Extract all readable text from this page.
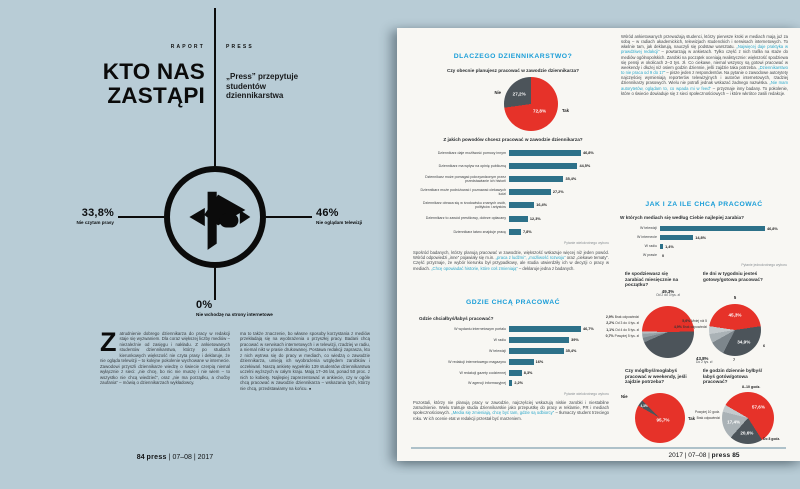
RAPORT	PRESS
KTO NAS
ZASTĄPI
„Press” przepytuje studentów dziennikarstwa
33,8%
Nie czytam prasy
46%
Nie oglądam telewizji
0%
Nie wchodzę na strony internetowe
Zatrudnienie dobrego dziennikarza do pracy w redakcji staje się wyzwaniem. Dla coraz większej liczby mediów – niezależnie od zasięgu i nakładu. Z ankietowanych studentów dziennikarstwa, którzy po studiach kierunkowych większość nie czyta prasy i deklaruje, że nie ogląda telewizji – to kolejne pokolenie wychowane w internecie. Zawodowi przyszli dziennikarze wiedzę o świecie czerpią niemal wyłącznie z sieci: „nie chcę, bo nic nie muszę i nie wiem – to wszystko nie chcą wiedzieć”, oraz „nie ma porządku, a choćby zaufania” – mówią o dziennikarzach wykładowcy.
ma to także znaczenie, bo własne sposoby korzystania z mediów przekładają się na wyobrażenia o przyszłej pracy. Badani chcą pracować w serwisach internetowych i w telewizji, rzadziej w radiu, a niemal nikt w prasie drukowanej. Postawa redakcji zaprasza, kto z nich wytrwa się do pracy w mediach, co wiedzą o zawodzie dziennikarza, umieją ich wyobrażenia względem zarobków i oczekiwań. Naszą ankietę wypełniło 139 studentów dziennikarstwa uczelni wyższych w całym kraju. Mają 17–26 lat, ponad 50 proc. z nich to kobiety. Najlepiej zaprezentować w ankiecie, czy w ogóle chcą pracować w zawodzie dziennikarza – wskazania tych, którzy nie chcą, przedstawiamy na końcu. ●
84 press | 07–08 | 2017
DLACZEGO DZIENNIKARSTWO?
Czy obecnie planujesz pracować w zawodzie dziennikarza?
72,8%
27,2%
Nie
Tak
Z jakich powodów chcesz pracować w zawodzie dziennikarza?
Dziennikarz daje możliwość pomocy innym	46,8%
Dziennikarz ma wpływ na opinię publiczną	44,5%
Dziennikarz może pomagać pokrzywdzonym przez przedstawianie ich historii	35,4%
Dziennikarz może podróżować i poznawać ciekawych ludzi	27,2%
Dziennikarz obraca się w środowisku znanych osób, polityków i artystów	16,4%
Dziennikarz to zawód prestiżowy, dobrze opłacany	12,3%
Dziennikarz łatwo znajduje pracę	7,8%
Pytanie wielokrotnego wyboru
Spośród badanych, którzy planują pracować w zawodzie, większość wskazuje więcej niż jeden powód. Wśród odpowiedzi „inne” pojawiały się m.in. „praca z ludźmi”, „możliwość rozwoju” oraz „ciekawe tematy”. Część przyznaje, że wybór kierunku był przypadkowy, ale studia utwierdziły ich w decyzji o pracy w mediach. „Chcę opowiadać historie, które coś zmieniają” – deklaruje jedna z badanych.
GDZIE CHCĄ PRACOWAĆ
Gdzie chciałbyś/łabyś pracować?
W wydaniu internetowym portalu	46,7%
W radiu	39%
W telewizji	35,4%
W redakcji internetowego magazynu	16%
W redakcji gazety codziennej	8,3%
W agencji informacyjnej	2,2%
Pytanie wielokrotnego wyboru
Pozostali, którzy nie planują pracy w zawodzie, najczęściej wskazują niskie zarobki i niestabilne zatrudnienie. Wielu traktuje studia dziennikarskie jako przepustkę do pracy w reklamie, PR i mediach społecznościowych. „Media się zmieniają, chcę być tam, gdzie są odbiorcy” – tłumaczy student trzeciego roku. W ich ocenie etat w redakcji przestał być marzeniem.
Wśród ankietowanych przeważają studenci, którzy pierwsze kroki w mediach mają już za sobą – w radiach akademickich, telewizjach studenckich i serwisach internetowych. To właśnie tam, jak deklarują, nauczyli się podstaw warsztatu. „Najwięcej daje praktyka w prawdziwej redakcji” – powtarzają w ankietach. Tylko część z nich trafiła na staże do mediów ogólnopolskich. Zarobki na początek oceniają realistycznie: większość spodziewa się pensji w okolicach 2–3 tys. zł. Co ciekawe, niemal wszyscy są gotowi pracować w weekendy i dłużej niż osiem godzin dziennie, jeśli zajdzie taka potrzeba. „Dziennikarstwo to nie praca od 9 do 17” – pisze jeden z respondentów. Na pytanie o zawodowe autorytety najczęściej wymieniają reporterów telewizyjnych i autorów internetowych, rzadziej dziennikarzy prasowych. Wielu nie potrafi jednak wskazać żadnego nazwiska. „Nie mam autorytetów, oglądam to, co wpada mi w feed” – przyznaje inny badany. To pokolenie, które o świecie dowiaduje się z sieci społecznościowych – i które wkrótce zasili redakcje.
JAK I ZA ILE CHCĄ PRACOWAĆ
W których mediach się według Ciebie najlepiej zarabia?
W telewizji	46,8%
W internecie	14,8%
W radiu	1,4%
W prasie	0
Pytanie jednokrotnego wyboru
Ile spodziewasz się zarabiać miesięcznie na początku?
Ile dni w tygodniu jesteś gotowy/gotowa pracować?
49,3%
Od 2 do 3 tys. zł
43,8%
Do 2 tys. zł
2,9% Brak odpowiedzi
2,2% Od 3 do 4 tys. zł
1,1% Od 4 do 5 tys. zł
0,7% Powyżej 5 tys. zł
45,3%
34,9%
5
6
7
5,6% Mniej niż 5
4,9% Brak odpowiedzi
Czy mógłbyś/mogłabyś pracować w weekendy, jeśli zajdzie potrzeba?
Ile godzin dziennie byłbyś/łabyś gotów/gotowa pracować?
95,7%
4,3%
Nie
Tak
57,6%
20,6%
17,4%
8–10 godz.
Do 8 godz.
Powyżej 10 godz.
Brak odpowiedzi
2017 | 07–08 | press 85
